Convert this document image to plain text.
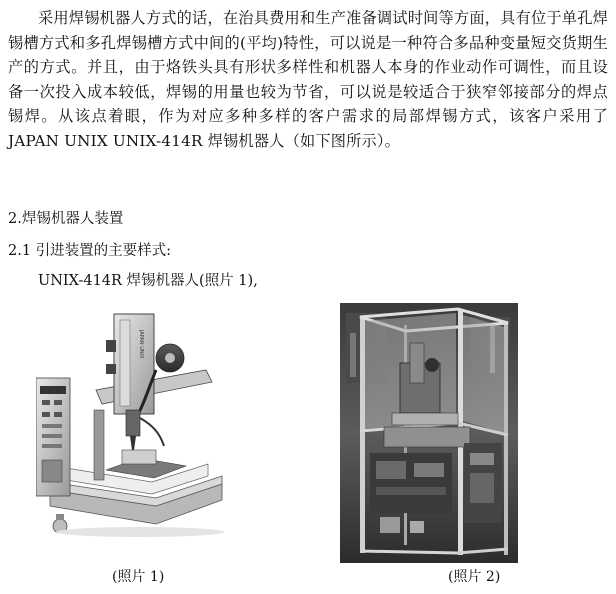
采用焊锡机器人方式的话，在治具费用和生产准备调试时间等方面，具有位于单孔焊锡槽方式和多孔焊锡槽方式中间的(平均)特性，可以说是一种符合多品种变量短交货期生产的方式。并且，由于烙铁头具有形状多样性和机器人本身的作业动作可调性，而且设备一次投入成本较低，焊锡的用量也较为节省，可以说是较适合于狭窄邻接部分的焊点锡焊。从该点着眼，作为对应多种多样的客户需求的局部焊锡方式，该客户采用了 JAPAN UNIX UNIX-414R 焊锡机器人（如下图所示）。

2.焊锡机器人装置

2.1 引进装置的主要样式:

UNIX-414R 焊锡机器人(照片 1),

JAPAN UNIX
(照片 1)	(照片 2)
